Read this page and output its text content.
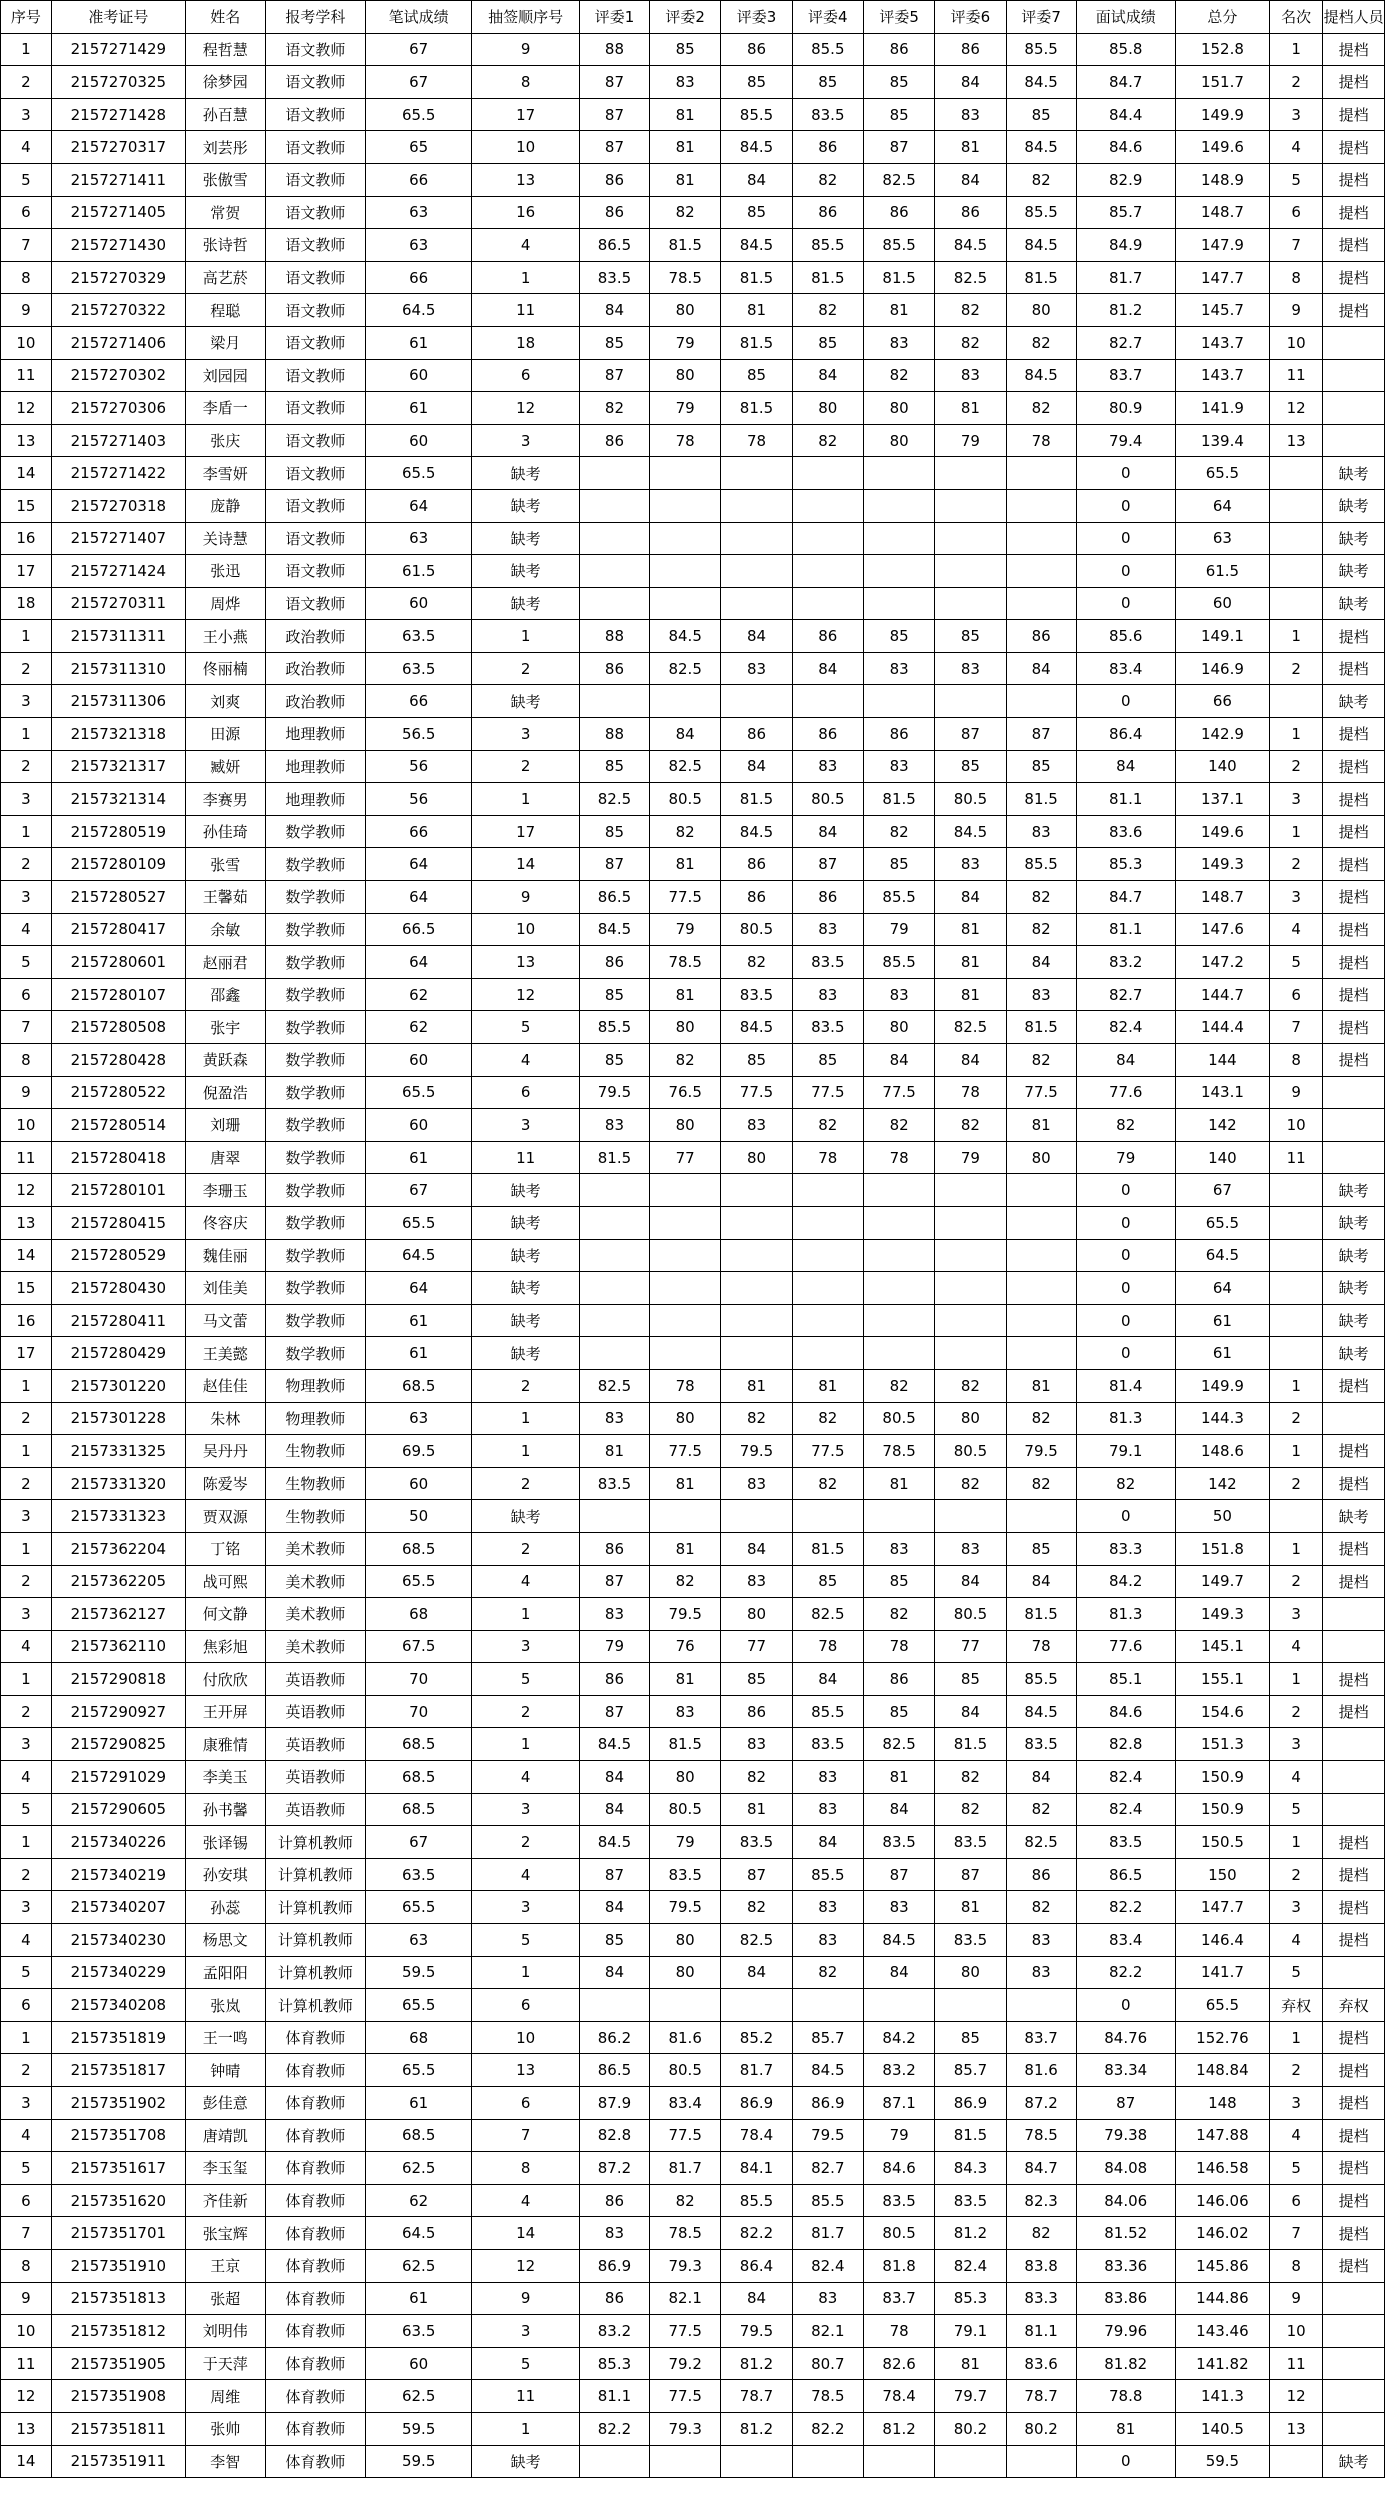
序号	准考证号	姓名	报考学科	笔试成绩	抽签顺序号	评委1	评委2	评委3	评委4	评委5	评委6	评委7	面试成绩	总分	名次	提档人员
1	2157271429	程哲慧	语文教师	67	9	88	85	86	85.5	86	86	85.5	85.8	152.8	1	提档
2	2157270325	徐梦园	语文教师	67	8	87	83	85	85	85	84	84.5	84.7	151.7	2	提档
3	2157271428	孙百慧	语文教师	65.5	17	87	81	85.5	83.5	85	83	85	84.4	149.9	3	提档
4	2157270317	刘芸彤	语文教师	65	10	87	81	84.5	86	87	81	84.5	84.6	149.6	4	提档
5	2157271411	张傲雪	语文教师	66	13	86	81	84	82	82.5	84	82	82.9	148.9	5	提档
6	2157271405	常贺	语文教师	63	16	86	82	85	86	86	86	85.5	85.7	148.7	6	提档
7	2157271430	张诗哲	语文教师	63	4	86.5	81.5	84.5	85.5	85.5	84.5	84.5	84.9	147.9	7	提档
8	2157270329	高艺菸	语文教师	66	1	83.5	78.5	81.5	81.5	81.5	82.5	81.5	81.7	147.7	8	提档
9	2157270322	程聪	语文教师	64.5	11	84	80	81	82	81	82	80	81.2	145.7	9	提档
10	2157271406	梁月	语文教师	61	18	85	79	81.5	85	83	82	82	82.7	143.7	10	
11	2157270302	刘园园	语文教师	60	6	87	80	85	84	82	83	84.5	83.7	143.7	11	
12	2157270306	李盾一	语文教师	61	12	82	79	81.5	80	80	81	82	80.9	141.9	12	
13	2157271403	张庆	语文教师	60	3	86	78	78	82	80	79	78	79.4	139.4	13	
14	2157271422	李雪妍	语文教师	65.5	缺考								0	65.5		缺考
15	2157270318	庞静	语文教师	64	缺考								0	64		缺考
16	2157271407	关诗慧	语文教师	63	缺考								0	63		缺考
17	2157271424	张迅	语文教师	61.5	缺考								0	61.5		缺考
18	2157270311	周烨	语文教师	60	缺考								0	60		缺考
1	2157311311	王小燕	政治教师	63.5	1	88	84.5	84	86	85	85	86	85.6	149.1	1	提档
2	2157311310	佟丽楠	政治教师	63.5	2	86	82.5	83	84	83	83	84	83.4	146.9	2	提档
3	2157311306	刘爽	政治教师	66	缺考								0	66		缺考
1	2157321318	田源	地理教师	56.5	3	88	84	86	86	86	87	87	86.4	142.9	1	提档
2	2157321317	臧妍	地理教师	56	2	85	82.5	84	83	83	85	85	84	140	2	提档
3	2157321314	李赛男	地理教师	56	1	82.5	80.5	81.5	80.5	81.5	80.5	81.5	81.1	137.1	3	提档
1	2157280519	孙佳琦	数学教师	66	17	85	82	84.5	84	82	84.5	83	83.6	149.6	1	提档
2	2157280109	张雪	数学教师	64	14	87	81	86	87	85	83	85.5	85.3	149.3	2	提档
3	2157280527	王馨茹	数学教师	64	9	86.5	77.5	86	86	85.5	84	82	84.7	148.7	3	提档
4	2157280417	余敏	数学教师	66.5	10	84.5	79	80.5	83	79	81	82	81.1	147.6	4	提档
5	2157280601	赵丽君	数学教师	64	13	86	78.5	82	83.5	85.5	81	84	83.2	147.2	5	提档
6	2157280107	邵鑫	数学教师	62	12	85	81	83.5	83	83	81	83	82.7	144.7	6	提档
7	2157280508	张宇	数学教师	62	5	85.5	80	84.5	83.5	80	82.5	81.5	82.4	144.4	7	提档
8	2157280428	黄跃森	数学教师	60	4	85	82	85	85	84	84	82	84	144	8	提档
9	2157280522	倪盈浩	数学教师	65.5	6	79.5	76.5	77.5	77.5	77.5	78	77.5	77.6	143.1	9	
10	2157280514	刘珊	数学教师	60	3	83	80	83	82	82	82	81	82	142	10	
11	2157280418	唐翠	数学教师	61	11	81.5	77	80	78	78	79	80	79	140	11	
12	2157280101	李珊玉	数学教师	67	缺考								0	67		缺考
13	2157280415	佟容庆	数学教师	65.5	缺考								0	65.5		缺考
14	2157280529	魏佳丽	数学教师	64.5	缺考								0	64.5		缺考
15	2157280430	刘佳美	数学教师	64	缺考								0	64		缺考
16	2157280411	马文蕾	数学教师	61	缺考								0	61		缺考
17	2157280429	王美懿	数学教师	61	缺考								0	61		缺考
1	2157301220	赵佳佳	物理教师	68.5	2	82.5	78	81	81	82	82	81	81.4	149.9	1	提档
2	2157301228	朱林	物理教师	63	1	83	80	82	82	80.5	80	82	81.3	144.3	2	
1	2157331325	吴丹丹	生物教师	69.5	1	81	77.5	79.5	77.5	78.5	80.5	79.5	79.1	148.6	1	提档
2	2157331320	陈爱岑	生物教师	60	2	83.5	81	83	82	81	82	82	82	142	2	提档
3	2157331323	贾双源	生物教师	50	缺考								0	50		缺考
1	2157362204	丁铭	美术教师	68.5	2	86	81	84	81.5	83	83	85	83.3	151.8	1	提档
2	2157362205	战可熙	美术教师	65.5	4	87	82	83	85	85	84	84	84.2	149.7	2	提档
3	2157362127	何文静	美术教师	68	1	83	79.5	80	82.5	82	80.5	81.5	81.3	149.3	3	
4	2157362110	焦彩旭	美术教师	67.5	3	79	76	77	78	78	77	78	77.6	145.1	4	
1	2157290818	付欣欣	英语教师	70	5	86	81	85	84	86	85	85.5	85.1	155.1	1	提档
2	2157290927	王开屏	英语教师	70	2	87	83	86	85.5	85	84	84.5	84.6	154.6	2	提档
3	2157290825	康雅情	英语教师	68.5	1	84.5	81.5	83	83.5	82.5	81.5	83.5	82.8	151.3	3	
4	2157291029	李美玉	英语教师	68.5	4	84	80	82	83	81	82	84	82.4	150.9	4	
5	2157290605	孙书馨	英语教师	68.5	3	84	80.5	81	83	84	82	82	82.4	150.9	5	
1	2157340226	张译锡	计算机教师	67	2	84.5	79	83.5	84	83.5	83.5	82.5	83.5	150.5	1	提档
2	2157340219	孙安琪	计算机教师	63.5	4	87	83.5	87	85.5	87	87	86	86.5	150	2	提档
3	2157340207	孙蕊	计算机教师	65.5	3	84	79.5	82	83	83	81	82	82.2	147.7	3	提档
4	2157340230	杨思文	计算机教师	63	5	85	80	82.5	83	84.5	83.5	83	83.4	146.4	4	提档
5	2157340229	孟阳阳	计算机教师	59.5	1	84	80	84	82	84	80	83	82.2	141.7	5	
6	2157340208	张岚	计算机教师	65.5	6								0	65.5	弃权	弃权
1	2157351819	王一鸣	体育教师	68	10	86.2	81.6	85.2	85.7	84.2	85	83.7	84.76	152.76	1	提档
2	2157351817	钟晴	体育教师	65.5	13	86.5	80.5	81.7	84.5	83.2	85.7	81.6	83.34	148.84	2	提档
3	2157351902	彭佳意	体育教师	61	6	87.9	83.4	86.9	86.9	87.1	86.9	87.2	87	148	3	提档
4	2157351708	唐靖凯	体育教师	68.5	7	82.8	77.5	78.4	79.5	79	81.5	78.5	79.38	147.88	4	提档
5	2157351617	李玉玺	体育教师	62.5	8	87.2	81.7	84.1	82.7	84.6	84.3	84.7	84.08	146.58	5	提档
6	2157351620	齐佳新	体育教师	62	4	86	82	85.5	85.5	83.5	83.5	82.3	84.06	146.06	6	提档
7	2157351701	张宝辉	体育教师	64.5	14	83	78.5	82.2	81.7	80.5	81.2	82	81.52	146.02	7	提档
8	2157351910	王京	体育教师	62.5	12	86.9	79.3	86.4	82.4	81.8	82.4	83.8	83.36	145.86	8	提档
9	2157351813	张超	体育教师	61	9	86	82.1	84	83	83.7	85.3	83.3	83.86	144.86	9	
10	2157351812	刘明伟	体育教师	63.5	3	83.2	77.5	79.5	82.1	78	79.1	81.1	79.96	143.46	10	
11	2157351905	于天萍	体育教师	60	5	85.3	79.2	81.2	80.7	82.6	81	83.6	81.82	141.82	11	
12	2157351908	周维	体育教师	62.5	11	81.1	77.5	78.7	78.5	78.4	79.7	78.7	78.8	141.3	12	
13	2157351811	张帅	体育教师	59.5	1	82.2	79.3	81.2	82.2	81.2	80.2	80.2	81	140.5	13	
14	2157351911	李智	体育教师	59.5	缺考								0	59.5		缺考
